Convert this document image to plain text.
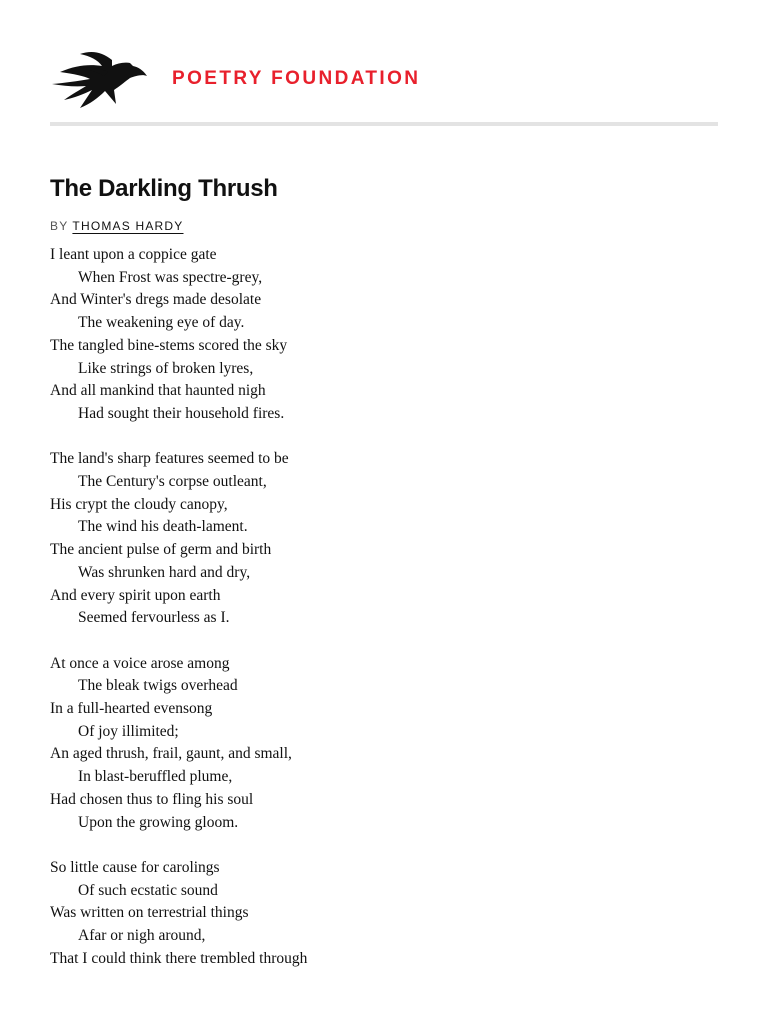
POETRY FOUNDATION
The Darkling Thrush
BY THOMAS HARDY
I leant upon a coppice gate
When Frost was spectre-grey,
And Winter's dregs made desolate
The weakening eye of day.
The tangled bine-stems scored the sky
Like strings of broken lyres,
And all mankind that haunted nigh
Had sought their household fires.
The land's sharp features seemed to be
The Century's corpse outleant,
His crypt the cloudy canopy,
The wind his death-lament.
The ancient pulse of germ and birth
Was shrunken hard and dry,
And every spirit upon earth
Seemed fervourless as I.
At once a voice arose among
The bleak twigs overhead
In a full-hearted evensong
Of joy illimited;
An aged thrush, frail, gaunt, and small,
In blast-beruffled plume,
Had chosen thus to fling his soul
Upon the growing gloom.
So little cause for carolings
Of such ecstatic sound
Was written on terrestrial things
Afar or nigh around,
That I could think there trembled through
